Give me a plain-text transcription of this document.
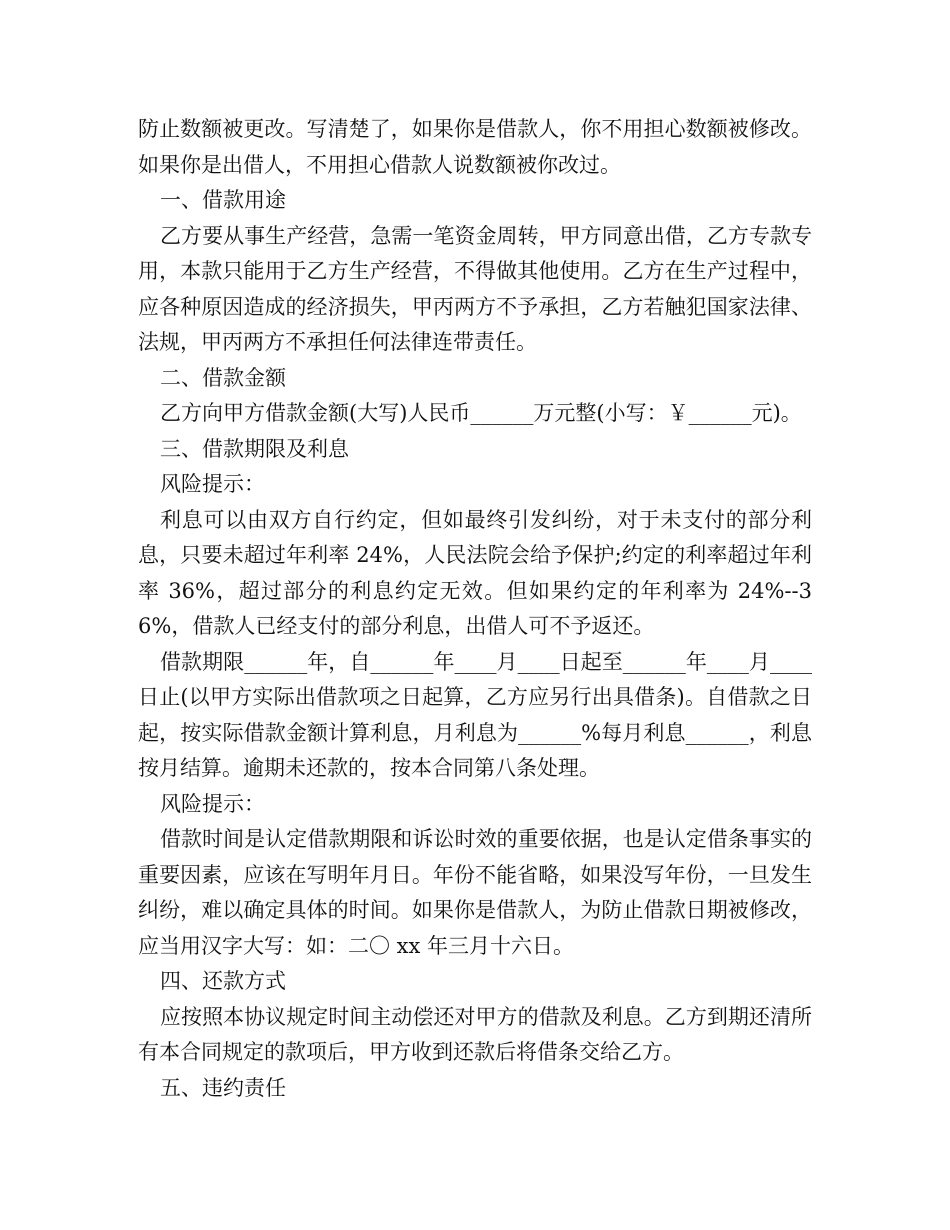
防止数额被更改。写清楚了，如果你是借款人，你不用担心数额被修改。如果你是出借人，不用担心借款人说数额被你改过。

一、借款用途

乙方要从事生产经营，急需一笔资金周转，甲方同意出借，乙方专款专用，本款只能用于乙方生产经营，不得做其他使用。乙方在生产过程中，应各种原因造成的经济损失，甲丙两方不予承担，乙方若触犯国家法律、法规，甲丙两方不承担任何法律连带责任。

二、借款金额

乙方向甲方借款金额(大写)人民币______万元整(小写：￥______元)。

三、借款期限及利息

风险提示：

利息可以由双方自行约定，但如最终引发纠纷，对于未支付的部分利息，只要未超过年利率 24%，人民法院会给予保护;约定的利率超过年利率 36%，超过部分的利息约定无效。但如果约定的年利率为 24%--36%，借款人已经支付的部分利息，出借人可不予返还。

借款期限______年，自______年____月____日起至______年____月____日止(以甲方实际出借款项之日起算，乙方应另行出具借条)。自借款之日起，按实际借款金额计算利息，月利息为______%每月利息______，利息按月结算。逾期未还款的，按本合同第八条处理。

风险提示：

借款时间是认定借款期限和诉讼时效的重要依据，也是认定借条事实的重要因素，应该在写明年月日。年份不能省略，如果没写年份，一旦发生纠纷，难以确定具体的时间。如果你是借款人，为防止借款日期被修改，应当用汉字大写：如：二〇 xx 年三月十六日。

四、还款方式

应按照本协议规定时间主动偿还对甲方的借款及利息。乙方到期还清所有本合同规定的款项后，甲方收到还款后将借条交给乙方。

五、违约责任
